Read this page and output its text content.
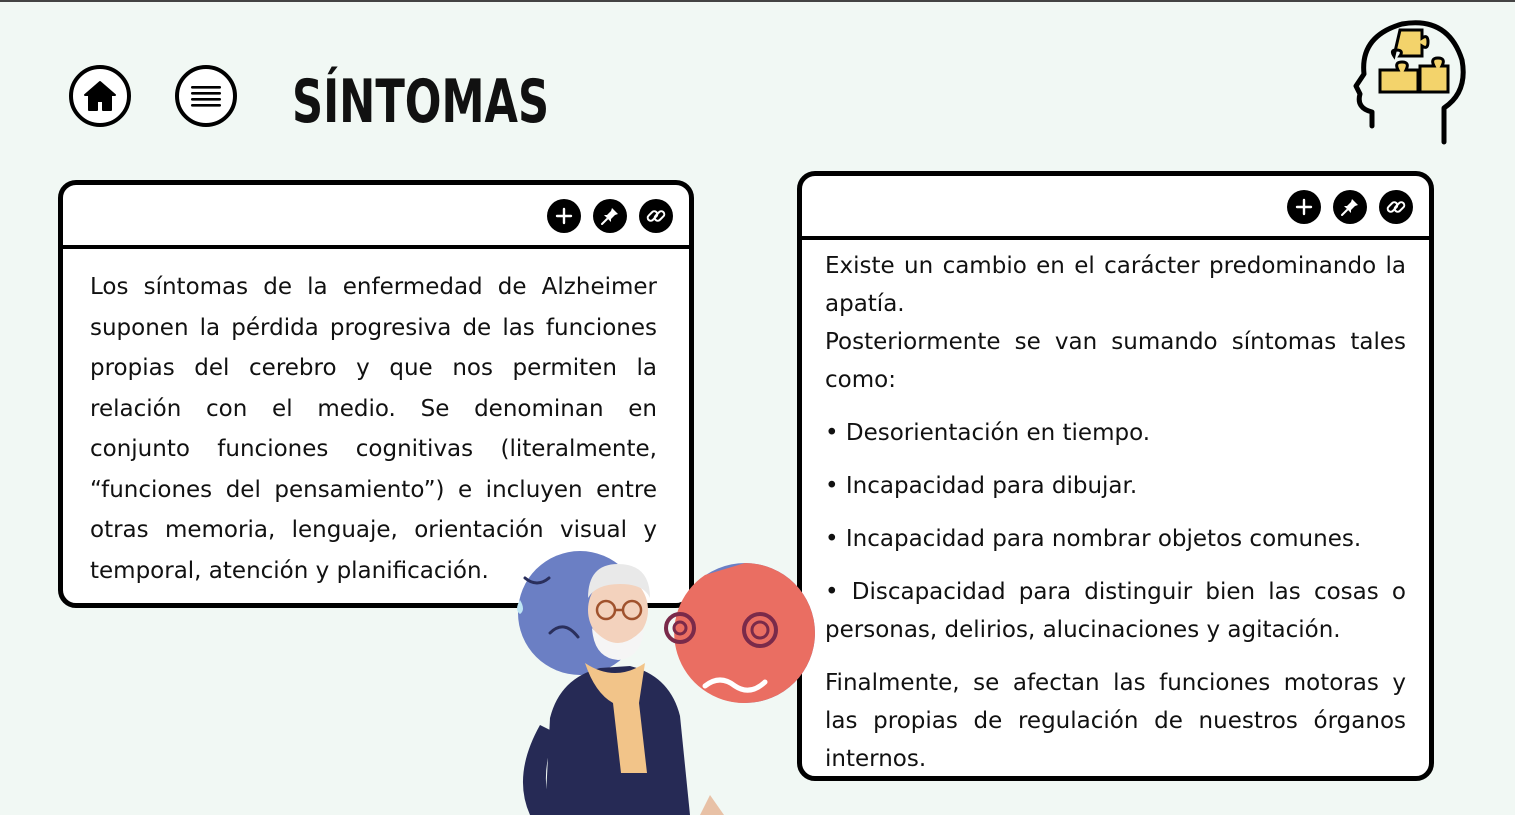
SÍNTOMAS

Los síntomas de la enfermedad de Alzheimer suponen la pérdida progresiva de las funciones propias del cerebro y que nos permiten la relación con el medio. Se denominan en conjunto funciones cognitivas (literalmente, “funciones del pensamiento”) e incluyen entre otras memoria, lenguaje, orientación visual y temporal, atención y planificación.

Existe un cambio en el carácter predominando la apatía.

Posteriormente se van sumando síntomas tales como:

• Desorientación en tiempo.

• Incapacidad para dibujar.

• Incapacidad para nombrar objetos comunes.

• Discapacidad para distinguir bien las cosas o personas, delirios, alucinaciones y agitación.

Finalmente, se afectan las funciones motoras y las propias de regulación de nuestros órganos internos.
